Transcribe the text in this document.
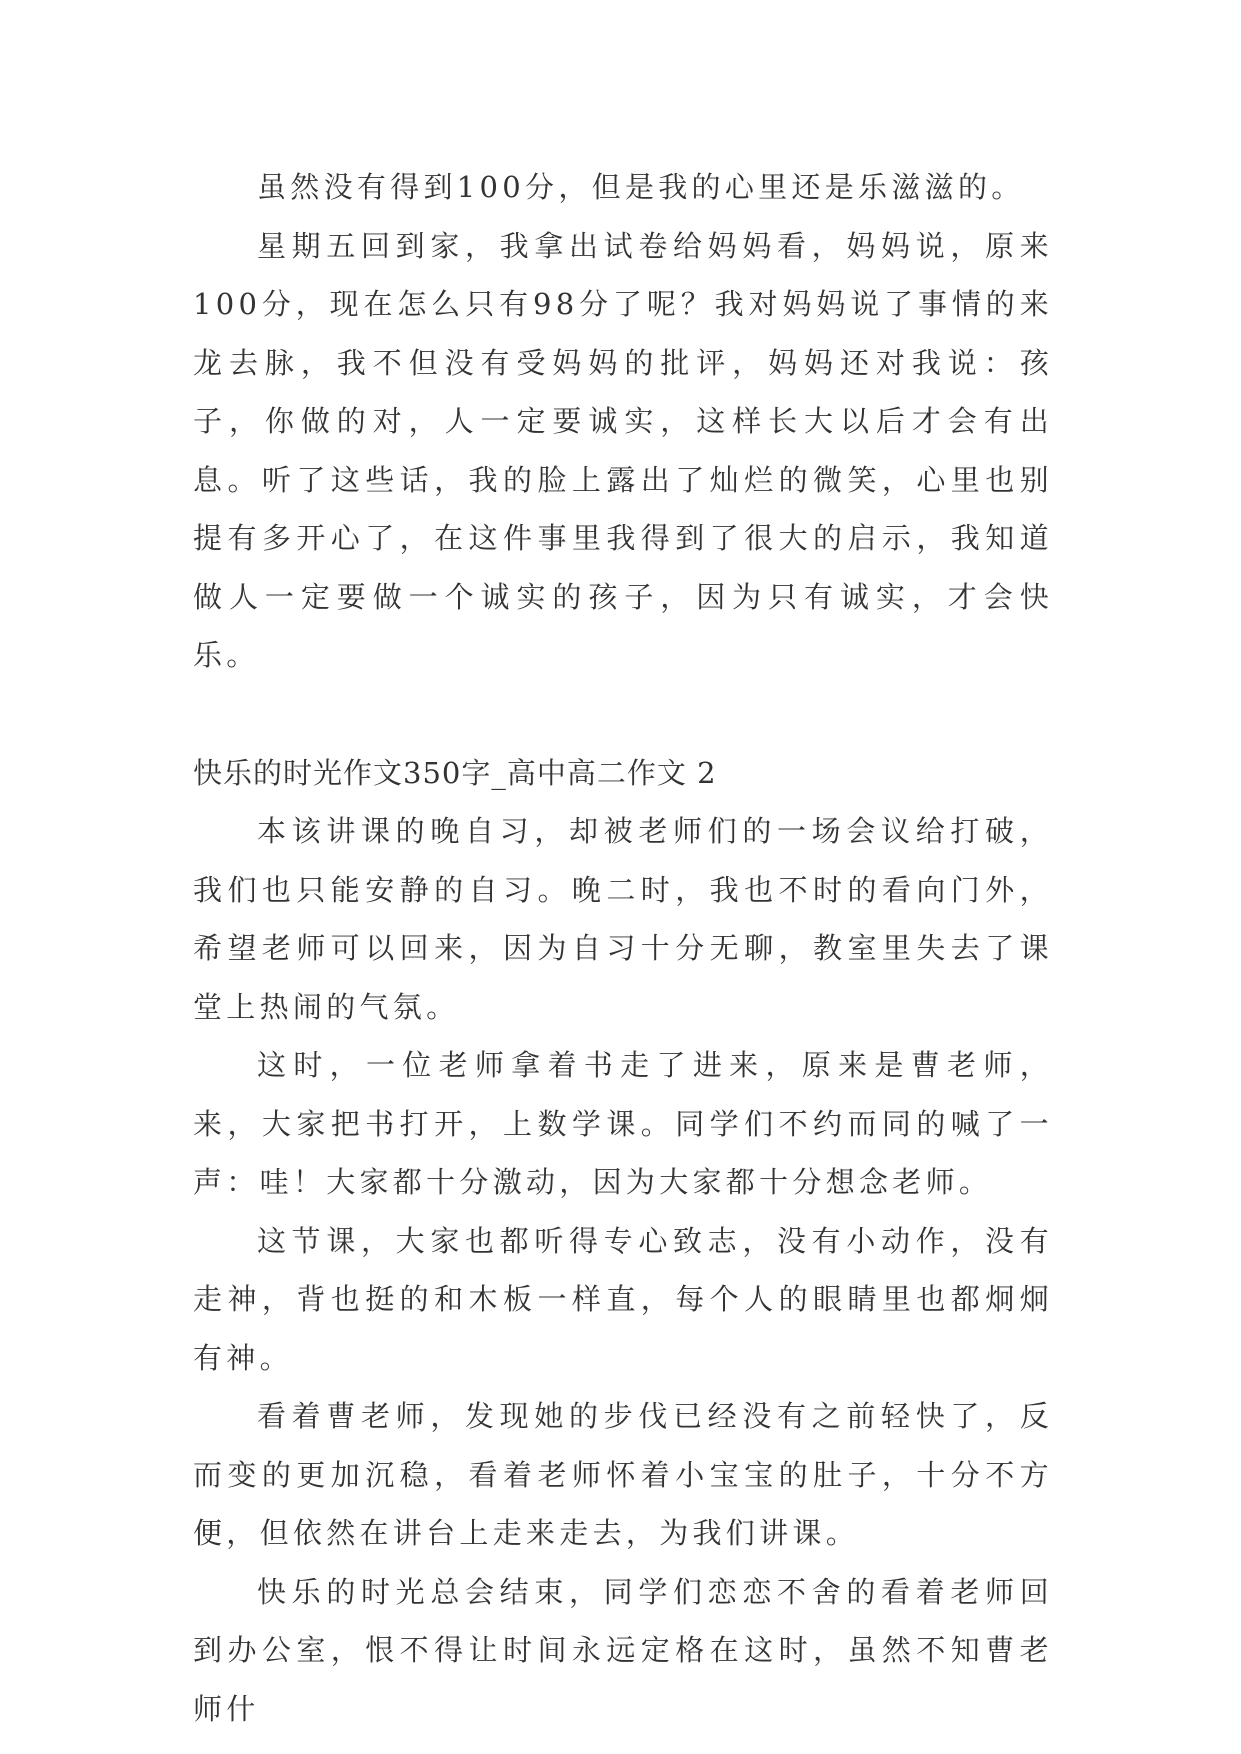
虽然没有得到100分，但是我的心里还是乐滋滋的。

星期五回到家，我拿出试卷给妈妈看，妈妈说，原来100分，现在怎么只有98分了呢？我对妈妈说了事情的来龙去脉，我不但没有受妈妈的批评，妈妈还对我说：孩子，你做的对，人一定要诚实，这样长大以后才会有出息。听了这些话，我的脸上露出了灿烂的微笑，心里也别提有多开心了，在这件事里我得到了很大的启示，我知道做人一定要做一个诚实的孩子，因为只有诚实，才会快乐。

快乐的时光作文350字_高中高二作文 2

本该讲课的晚自习，却被老师们的一场会议给打破，我们也只能安静的自习。晚二时，我也不时的看向门外，希望老师可以回来，因为自习十分无聊，教室里失去了课堂上热闹的气氛。

这时，一位老师拿着书走了进来，原来是曹老师，来，大家把书打开，上数学课。同学们不约而同的喊了一声：哇！大家都十分激动，因为大家都十分想念老师。

这节课，大家也都听得专心致志，没有小动作，没有走神，背也挺的和木板一样直，每个人的眼睛里也都炯炯有神。

看着曹老师，发现她的步伐已经没有之前轻快了，反而变的更加沉稳，看着老师怀着小宝宝的肚子，十分不方便，但依然在讲台上走来走去，为我们讲课。

快乐的时光总会结束，同学们恋恋不舍的看着老师回到办公室，恨不得让时间永远定格在这时，虽然不知曹老师什
